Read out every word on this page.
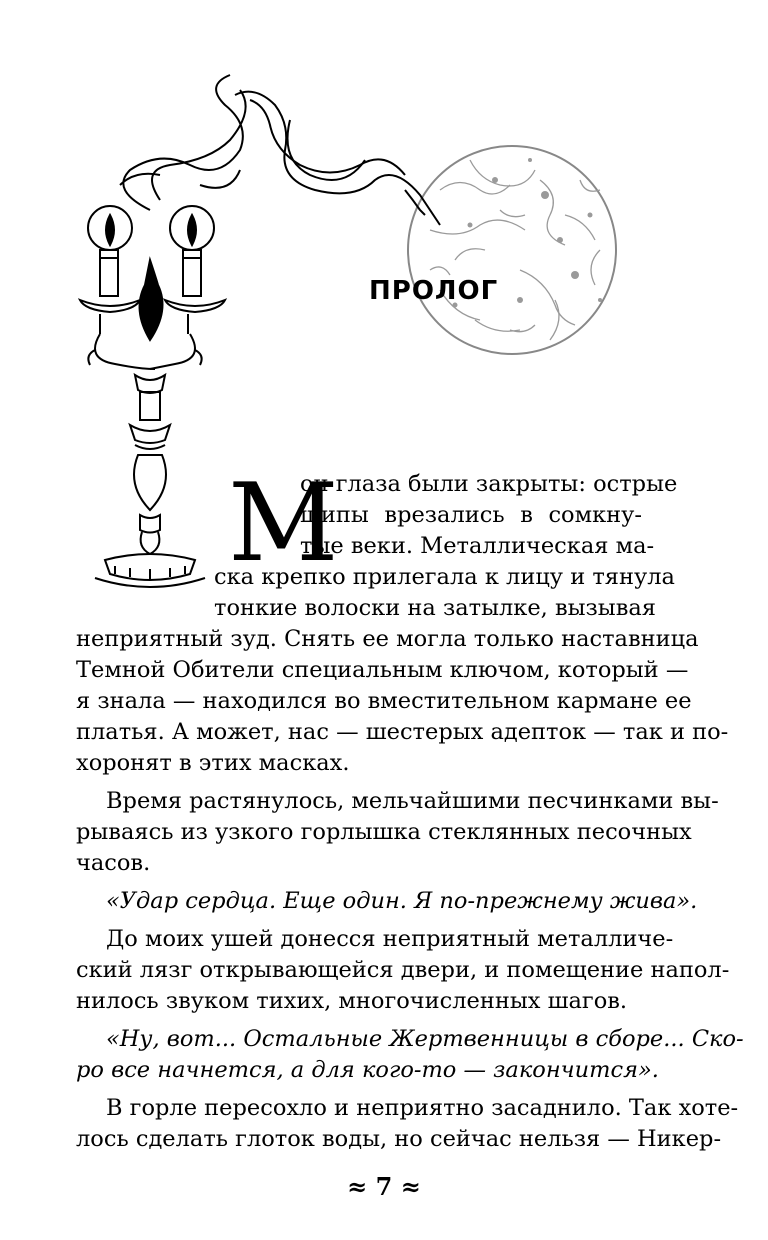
ПРОЛОГ
М

ои глаза были закрыты: острые

шипы врезались в сомкну-

тые веки. Металлическая ма-

ска крепко прилегала к лицу и тянула

тонкие волоски на затылке, вызывая

неприятный зуд. Снять ее могла только наставница

Темной Обители специальным ключом, который —

я знала — находился во вместительном кармане ее

платья. А может, нас — шестерых адепток — так и по-

хоронят в этих масках.

Время растянулось, мельчайшими песчинками вы-

рываясь из узкого горлышка стеклянных песочных

часов.

«Удар сердца. Еще один. Я по-прежнему жива».

До моих ушей донесся неприятный металличе-

ский лязг открывающейся двери, и помещение напол-

нилось звуком тихих, многочисленных шагов.

«Ну, вот... Остальные Жертвенницы в сборе... Ско-

ро все начнется, а для кого-то — закончится».

В горле пересохло и неприятно засаднило. Так хоте-

лось сделать глоток воды, но сейчас нельзя — Никер-

≈ 7 ≈
